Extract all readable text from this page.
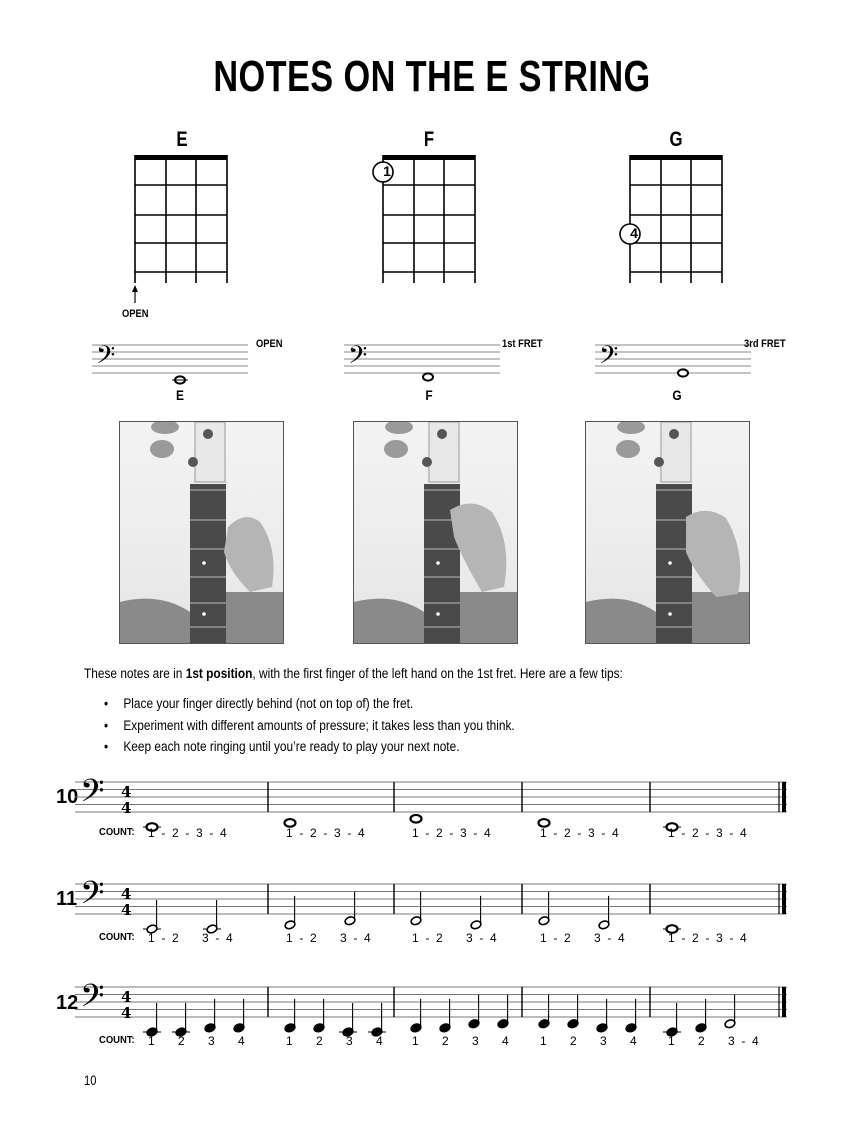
NOTES ON THE E STRING
E	F	G
1
4
OPEN
𝄢	𝄢	𝄢
OPEN	1st FRET	3rd FRET
E	F	G
These notes are in 1st position, with the first finger of the left hand on the 1st fret. Here are a few tips:
• Place your finger directly behind (not on top of) the fret.
• Experiment with different amounts of pressure; it takes less than you think.
• Keep each note ringing until you’re ready to play your next note.
10
11
12
𝄢 4
4
𝄢 4
4
𝄢 4
4
COUNT:
COUNT:
COUNT:
1  -  2  -  3  -  4	1  -  2  -  3  -  4	1  -  2  -  3  -  4	1  -  2  -  3  -  4	1  -  2  -  3  -  4
1  -  2       3  -  4	1  -  2       3  -  4	1  -  2       3  -  4	1  -  2       3  -  4	1  -  2  -  3  -  4
1       2       3       4	1       2       3       4 1       2       3       4	1       2       3       4	1       2       3  -  4
10
